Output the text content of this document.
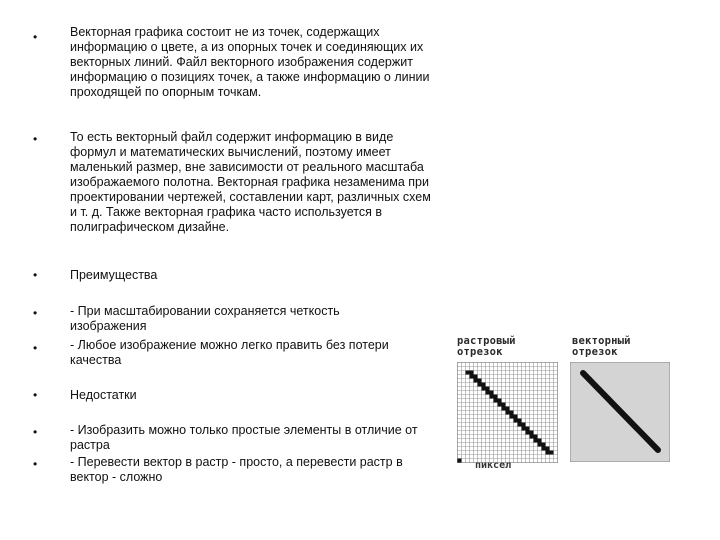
•
•
•
•
•
•
•
•
Векторная графика состоит не из точек, содержащих информацию о цвете, а из опорных точек и соединяющих их векторных линий. Файл векторного изображения содержит информацию о позициях точек, а также информацию о линии проходящей по опорным точкам.
То есть векторный файл содержит информацию в виде формул и математических вычислений, поэтому имеет маленький размер, вне зависимости от реального масштаба изображаемого полотна. Векторная графика незаменима при проектировании чертежей, составлении карт, различных схем и т. д. Также векторная графика часто используется в полиграфическом дизайне.
Преимущества
- При масштабировании сохраняется четкость изображения
- Любое изображение можно легко править без потери качества
Недостатки
- Изобразить можно только простые элементы в отличие от растра
- Перевести вектор в растр - просто, а перевести растр в вектор - сложно
растровый
отрезок
векторный
отрезок
пиксел
